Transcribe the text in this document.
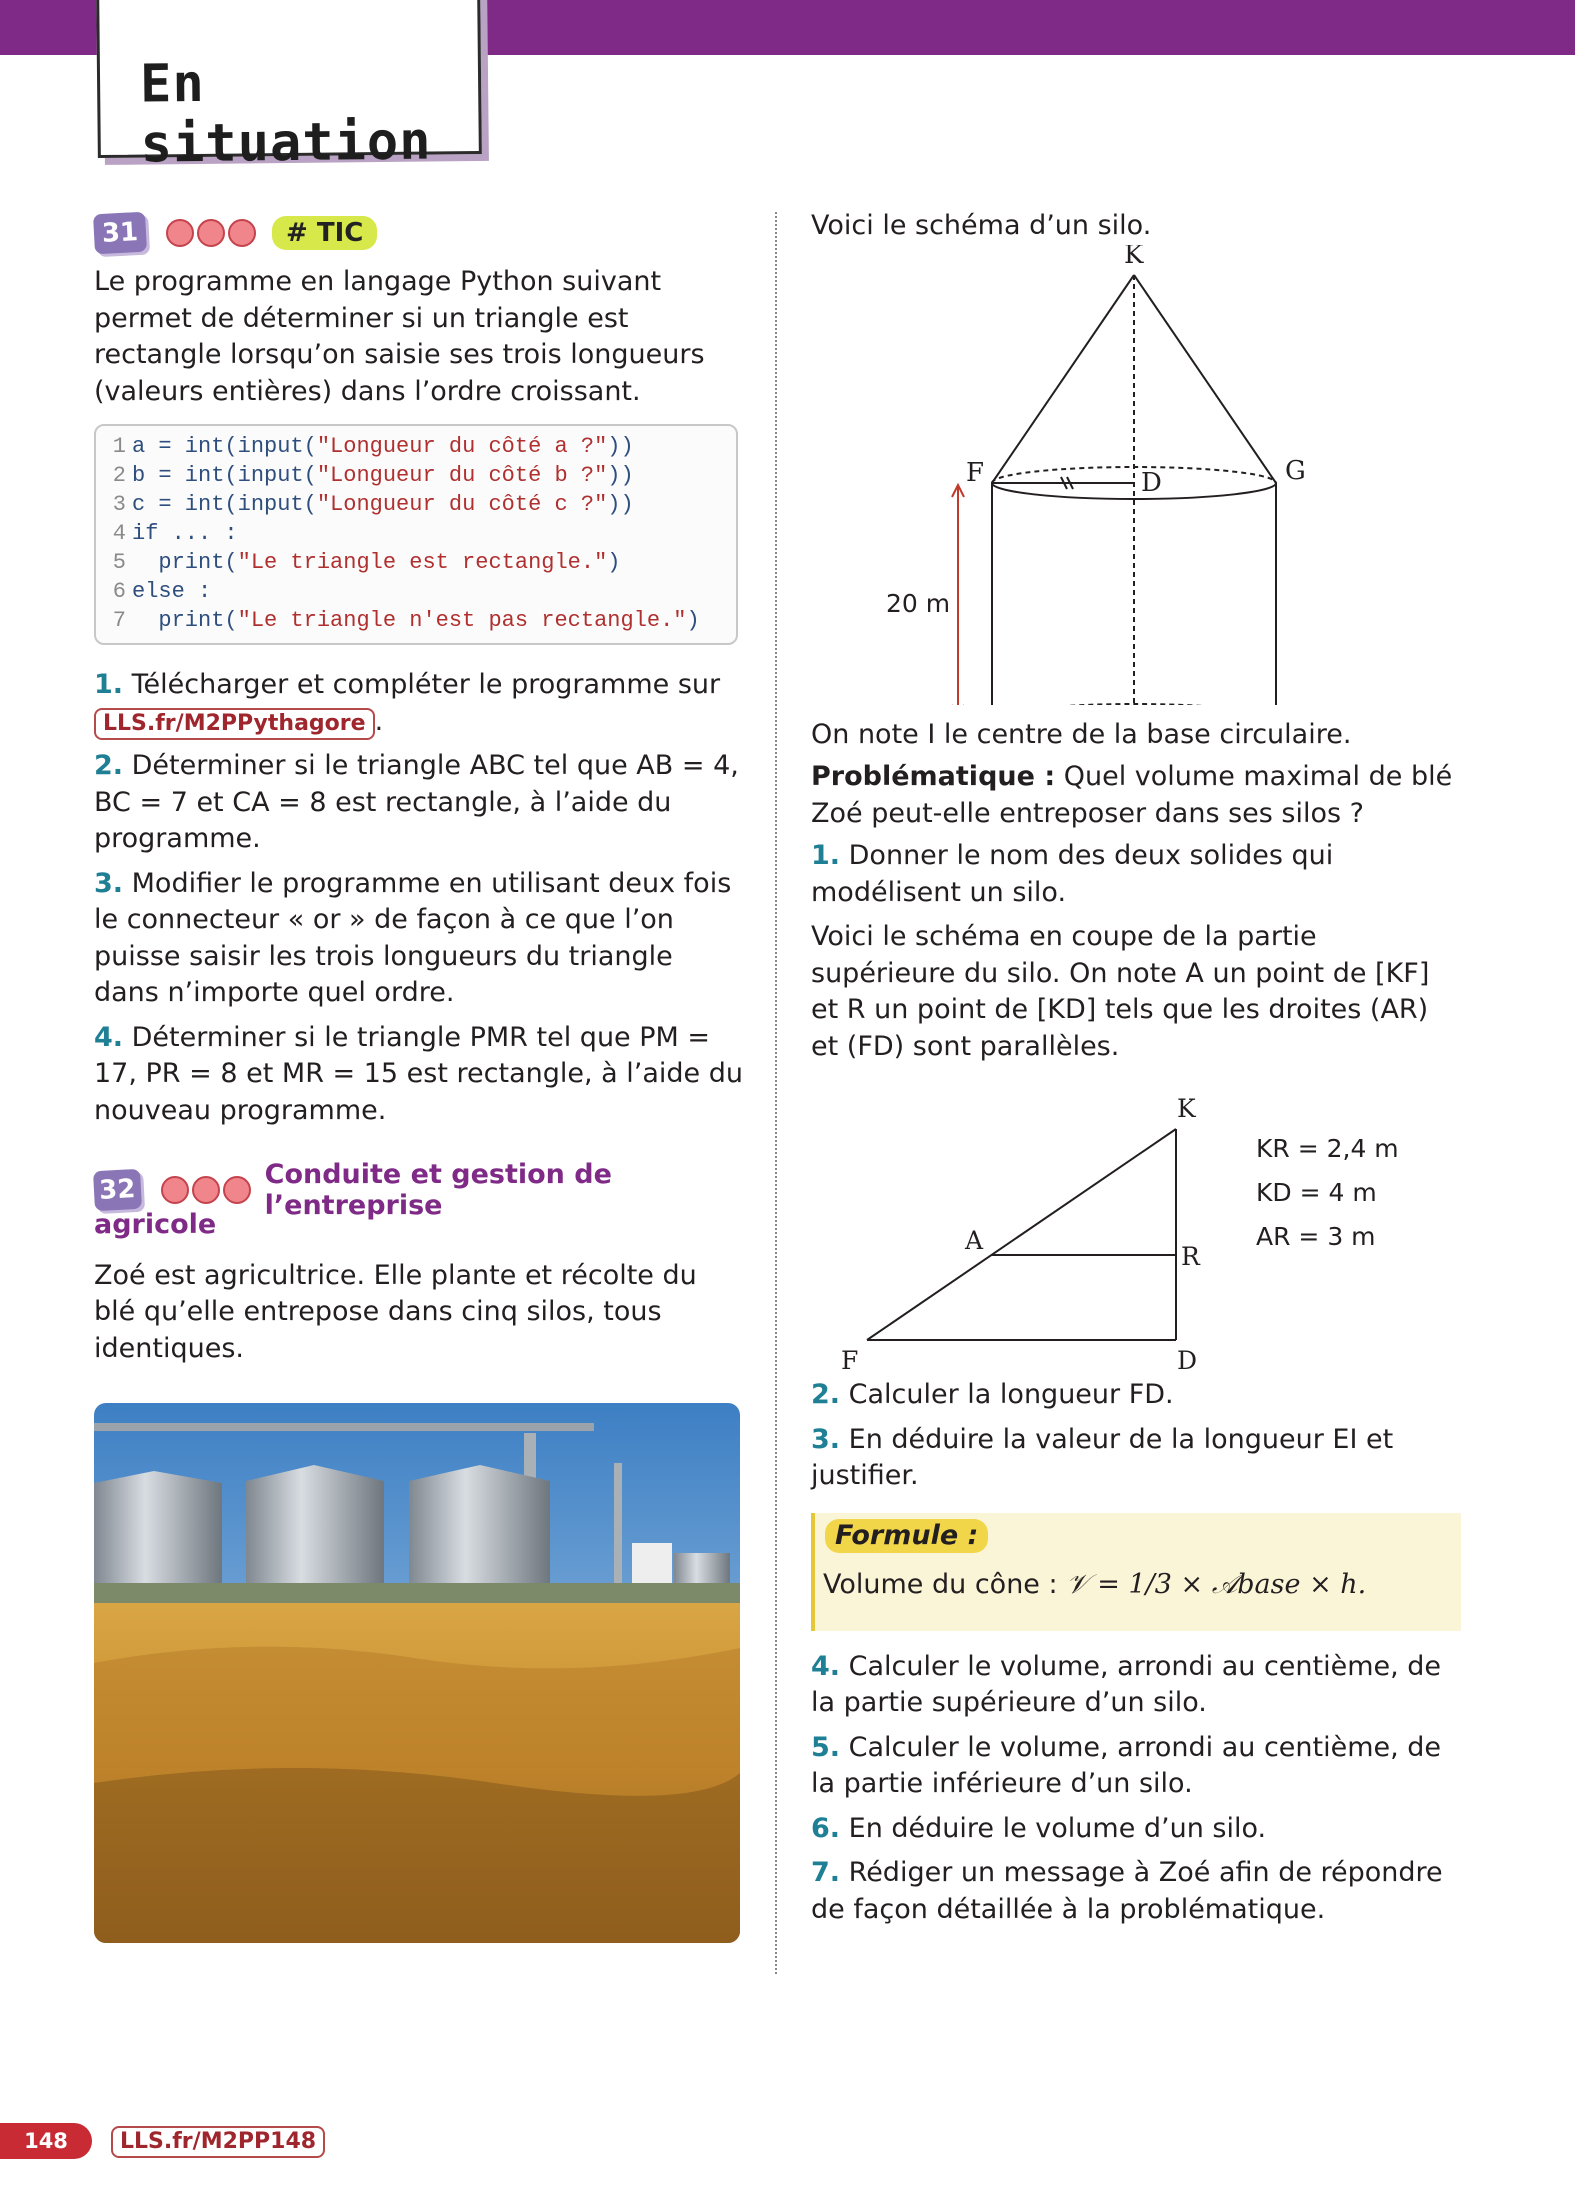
En situation
31	# TIC

Le programme en langage Python suivant permet de déterminer si un triangle est rectangle lorsqu’on saisie ses trois longueurs (valeurs entières) dans l’ordre croissant.

1 a = int(input("Longueur du côté a ?"))
2 b = int(input("Longueur du côté b ?"))
3 c = int(input("Longueur du côté c ?"))
4 if ... :
5  print("Le triangle est rectangle.")
6 else :
7  print("Le triangle n'est pas rectangle.")

1. Télécharger et compléter le programme sur
LLS.fr/M2PPythagore .

2. Déterminer si le triangle ABC tel que AB = 4, BC = 7 et CA = 8 est rectangle, à l’aide du programme.

3. Modifier le programme en utilisant deux fois le connecteur « or » de façon à ce que l’on puisse saisir les trois longueurs du triangle dans n’importe quel ordre.

4. Déterminer si le triangle PMR tel que PM = 17, PR = 8 et MR = 15 est rectangle, à l’aide du nouveau programme.

32	Conduite et gestion de l’entreprise

agricole

Zoé est agricultrice. Elle plante et récolte du blé qu’elle entrepose dans cinq silos, tous identiques.

Voici le schéma d’un silo.

K
F	D	G
20 m

On note I le centre de la base circulaire.

Problématique : Quel volume maximal de blé Zoé peut-elle entreposer dans ses silos ?

1. Donner le nom des deux solides qui modélisent un silo.

Voici le schéma en coupe de la partie supérieure du silo. On note A un point de [KF] et R un point de [KD] tels que les droites (AR) et (FD) sont parallèles.

K
A
R
F	D
KR = 2,4 m
KD = 4 m
AR = 3 m

2. Calculer la longueur FD.

3. En déduire la valeur de la longueur EI et justifier.

Formule :
Volume du cône : 𝒱 = 1/3 × 𝒜base × h.

4. Calculer le volume, arrondi au centième, de la partie supérieure d’un silo.

5. Calculer le volume, arrondi au centième, de la partie inférieure d’un silo.

6. En déduire le volume d’un silo.

7. Rédiger un message à Zoé afin de répondre de façon détaillée à la problématique.

148	LLS.fr/M2PP148
